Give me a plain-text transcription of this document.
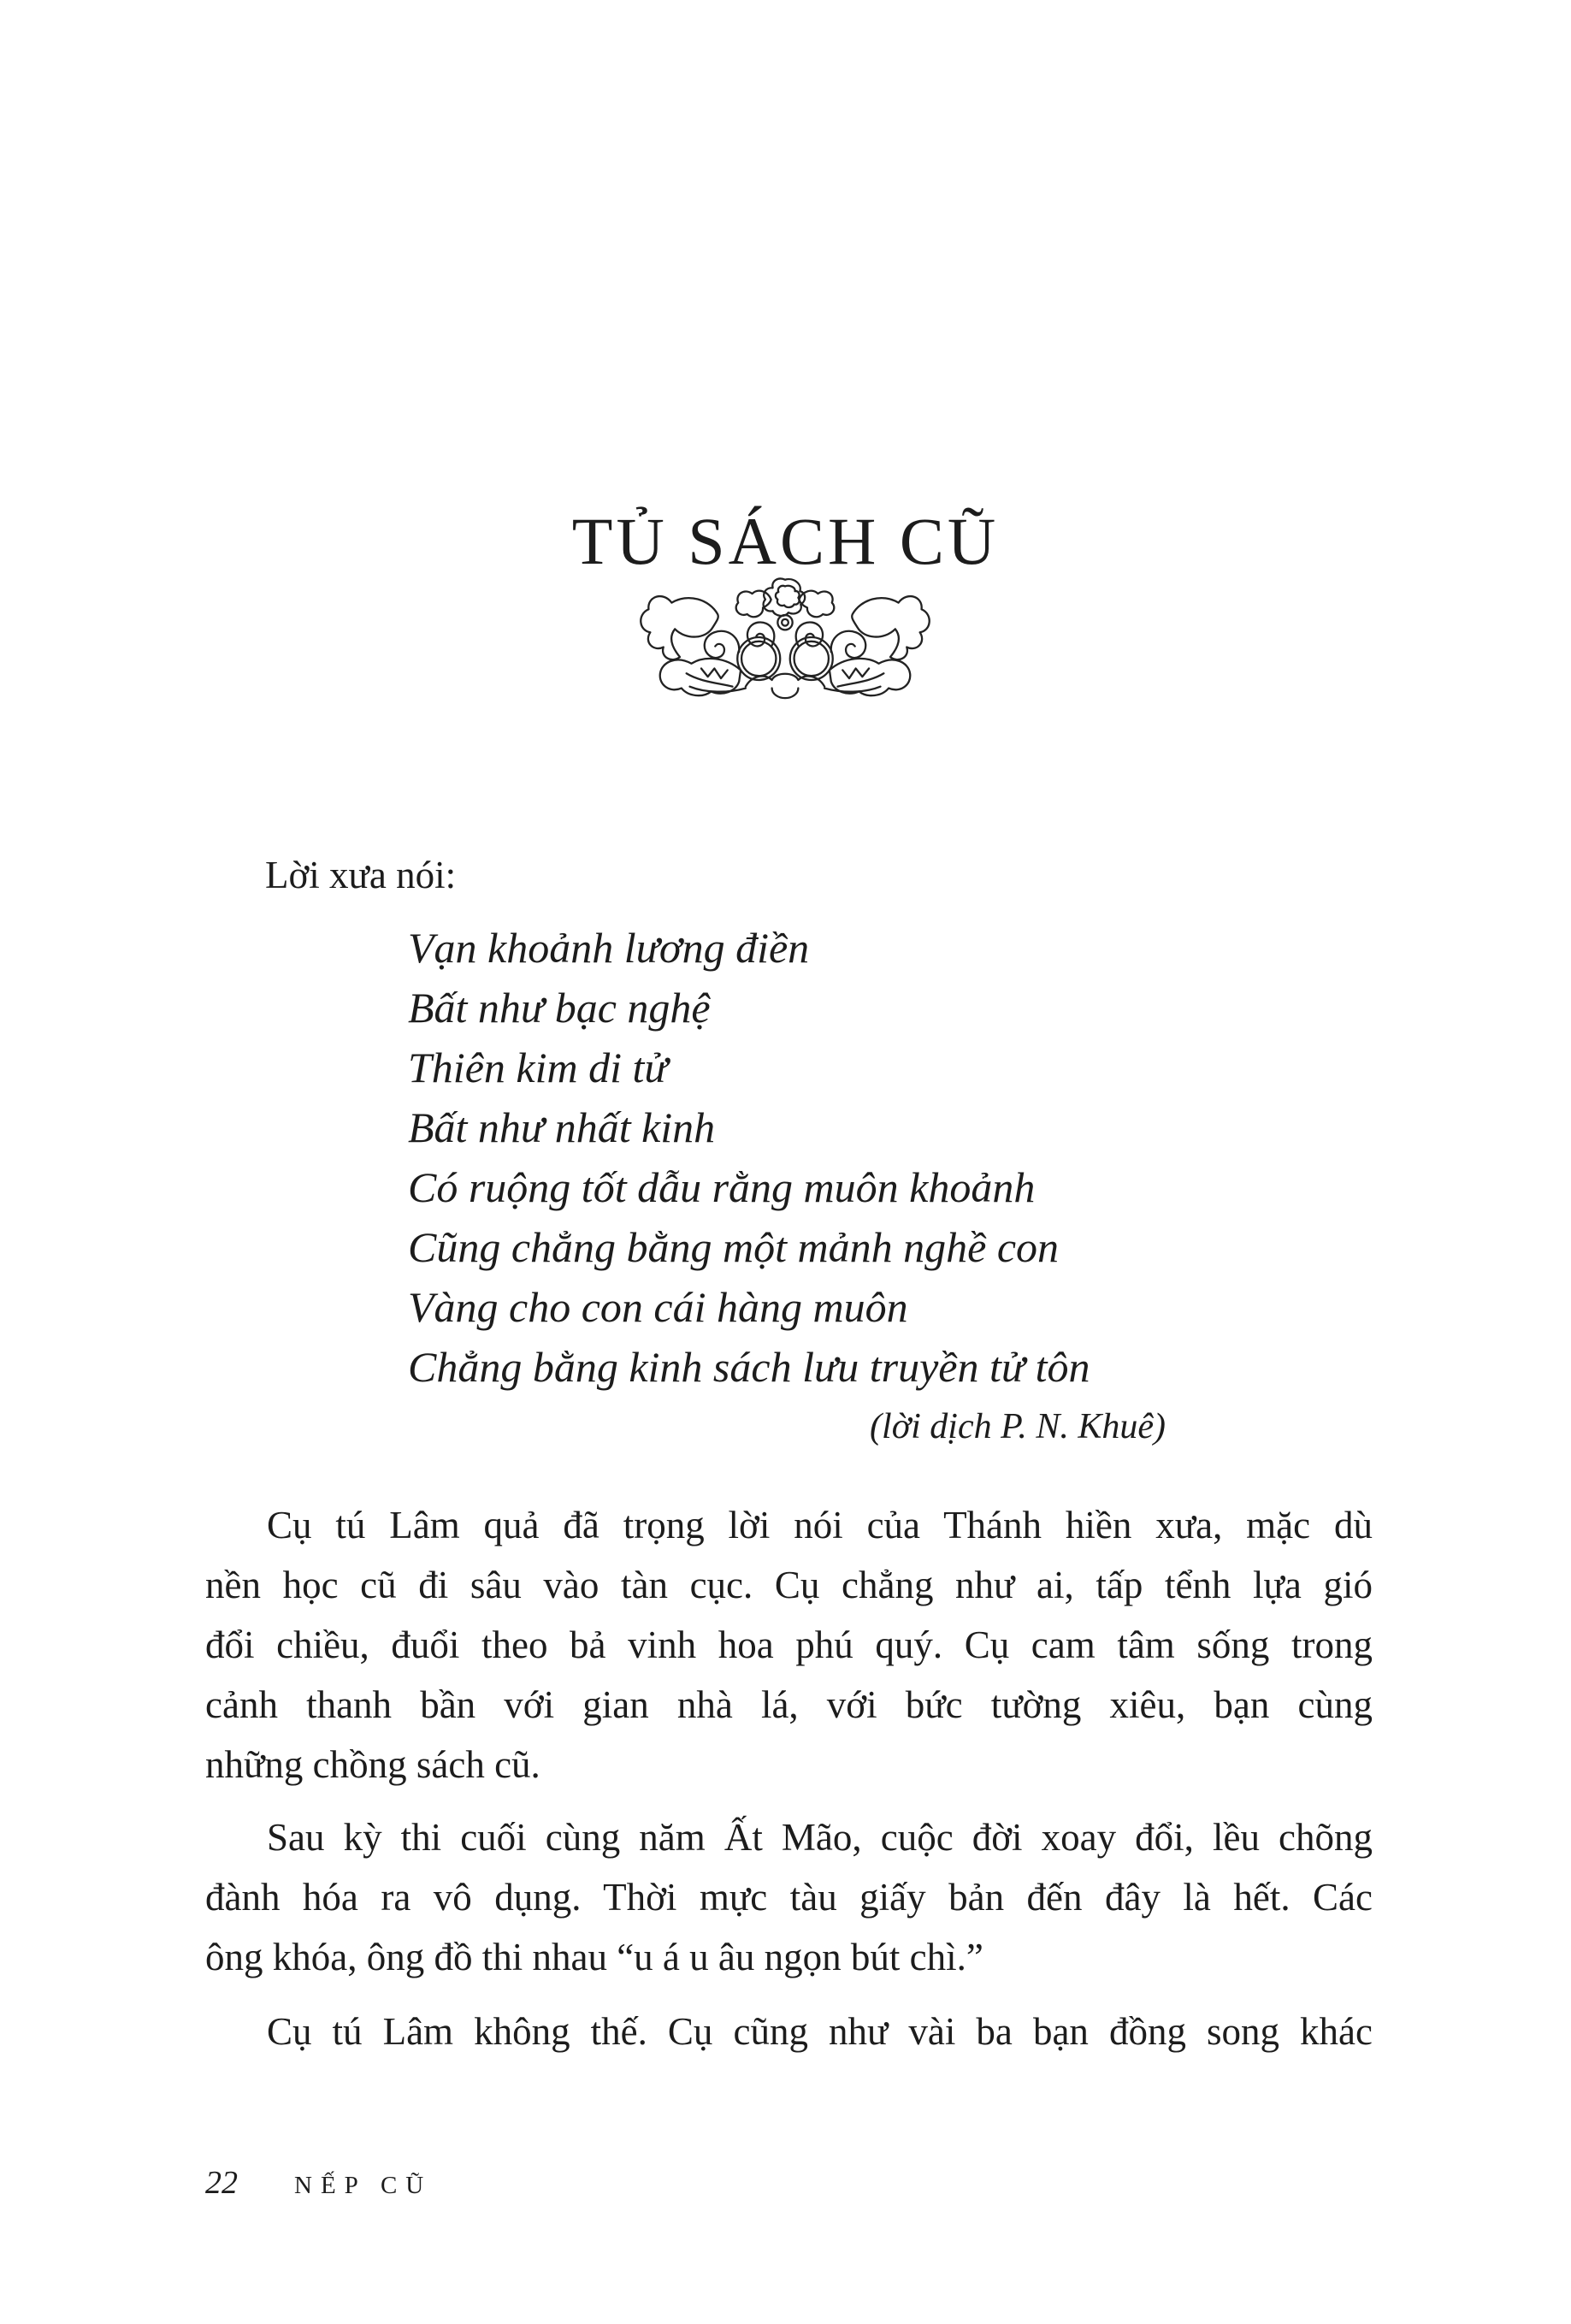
TỦ SÁCH CŨ
Lời xưa nói:
Vạn khoảnh lương điền
Bất như bạc nghệ
Thiên kim di tử
Bất như nhất kinh
Có ruộng tốt dẫu rằng muôn khoảnh
Cũng chẳng bằng một mảnh nghề con
Vàng cho con cái hàng muôn
Chẳng bằng kinh sách lưu truyền tử tôn
(lời dịch P. N. Khuê)
Cụ tú Lâm quả đã trọng lời nói của Thánh hiền xưa, mặc dù
nền học cũ đi sâu vào tàn cục. Cụ chẳng như ai, tấp tểnh lựa gió
đổi chiều, đuổi theo bả vinh hoa phú quý. Cụ cam tâm sống trong
cảnh thanh bần với gian nhà lá, với bức tường xiêu, bạn cùng
những chồng sách cũ.
Sau kỳ thi cuối cùng năm Ất Mão, cuộc đời xoay đổi, lều chõng
đành hóa ra vô dụng. Thời mực tàu giấy bản đến đây là hết. Các
ông khóa, ông đồ thi nhau “u á u âu ngọn bút chì.”
Cụ tú Lâm không thế. Cụ cũng như vài ba bạn đồng song khác
22 NẾP CŨ
